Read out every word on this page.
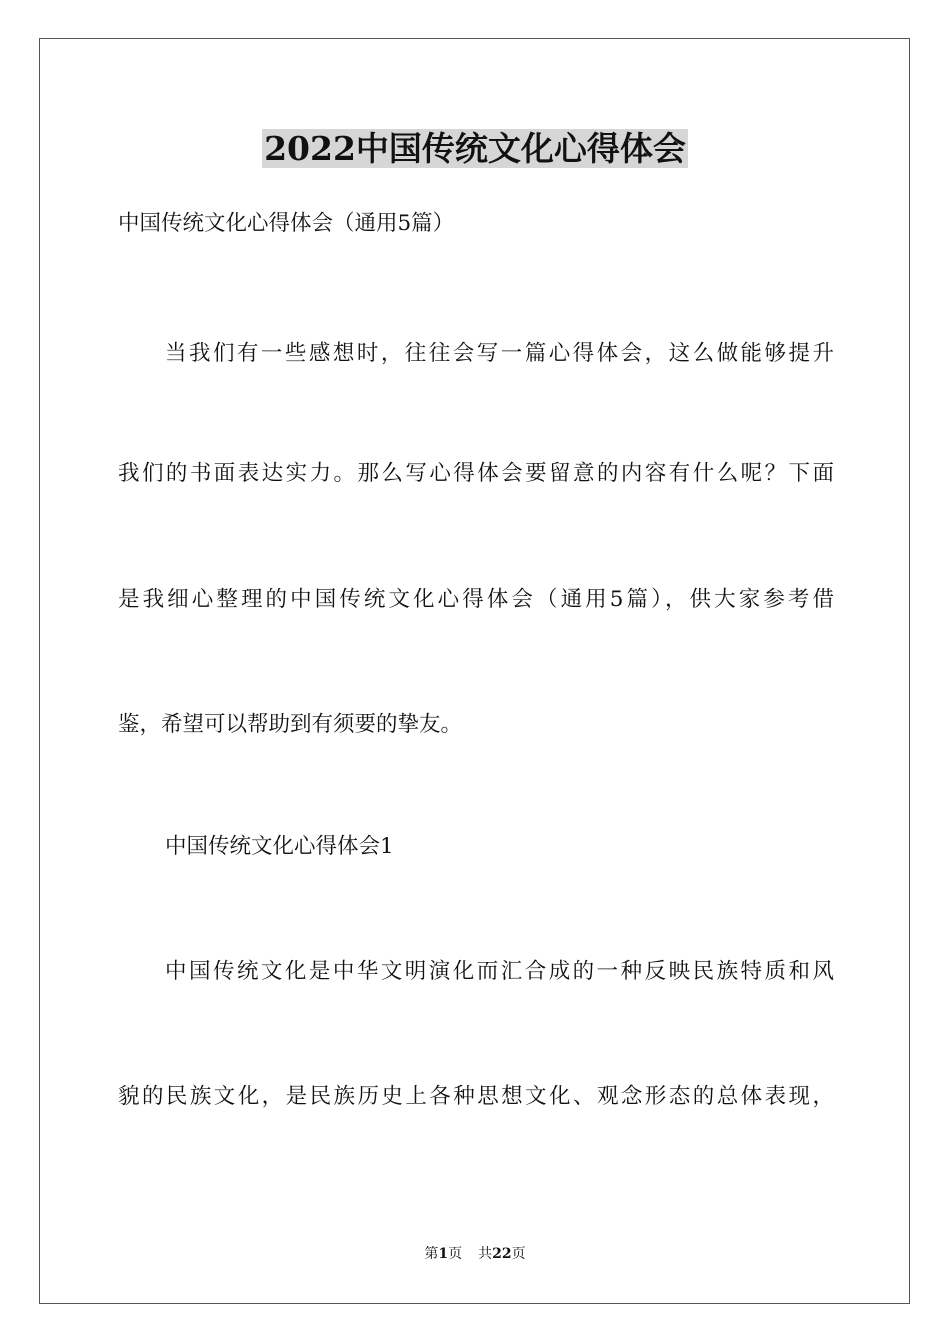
2022中国传统文化心得体会

中国传统文化心得体会（通用5篇）

当我们有一些感想时，往往会写一篇心得体会，这么做能够提升

我们的书面表达实力。那么写心得体会要留意的内容有什么呢？下面

是我细心整理的中国传统文化心得体会（通用5篇），供大家参考借

鉴，希望可以帮助到有须要的挚友。

中国传统文化心得体会1

中国传统文化是中华文明演化而汇合成的一种反映民族特质和风

貌的民族文化，是民族历史上各种思想文化、观念形态的总体表现，

第1页 共22页
